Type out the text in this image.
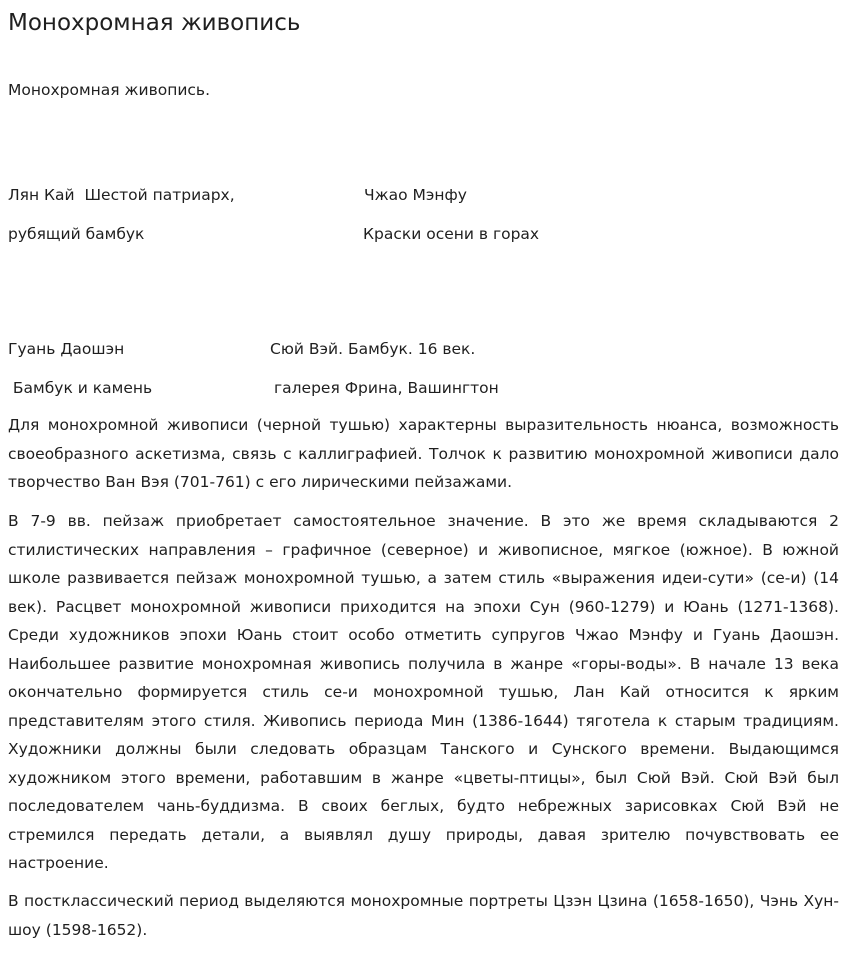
Монохромная живопись
Монохромная живопись.
Лян Кай  Шестой патриарх,	Чжао Мэнфу
рубящий бамбук	Краски осени в горах
Гуань Даошэн	Сюй Вэй. Бамбук. 16 век.
Бамбук и камень	галерея Фрина, Вашингтон

Для монохромной живописи (черной тушью) характерны выразительность нюанса, возможность своеобразного аскетизма, связь с каллиграфией. Толчок к развитию монохромной живописи дало творчество Ван Вэя (701-761) с его лирическими пейзажами.

В 7-9 вв. пейзаж приобретает самостоятельное значение. В это же время складываются 2 стилистических направления – графичное (северное) и живописное, мягкое (южное). В южной школе развивается пейзаж монохромной тушью, а затем стиль «выражения идеи-сути» (се-и) (14 век). Расцвет монохромной живописи приходится на эпохи Сун (960-1279) и Юань (1271-1368). Среди художников эпохи Юань стоит особо отметить супругов Чжао Мэнфу и Гуань Даошэн. Наибольшее развитие монохромная живопись получила в жанре «горы-воды». В начале 13 века окончательно формируется стиль се-и монохромной тушью, Лан Кай относится к ярким представителям этого стиля. Живопись периода Мин (1386-1644) тяготела к старым традициям. Художники должны были следовать образцам Танского и Сунского времени. Выдающимся художником этого времени, работавшим в жанре «цветы-птицы», был Сюй Вэй. Сюй Вэй был последователем чань-буддизма. В своих беглых, будто небрежных зарисовках Сюй Вэй не стремился передать детали, а выявлял душу природы, давая зрителю почувствовать ее настроение.

В постклассический период выделяются монохромные портреты Цзэн Цзина (1658-1650), Чэнь Хун-шоу (1598-1652).
